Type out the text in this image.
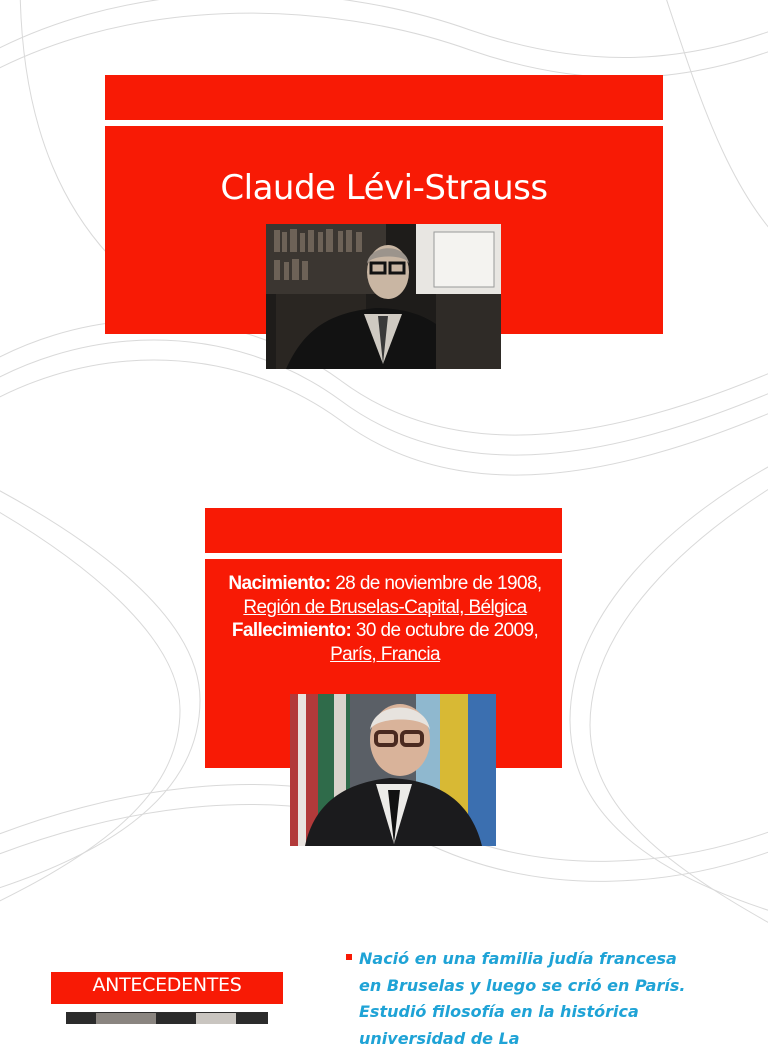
Claude Lévi-Strauss
Nacimiento: 28 de noviembre de 1908, Región de Bruselas-Capital, Bélgica
Fallecimiento: 30 de octubre de 2009, París, Francia
ANTECEDENTES
Nació en una familia judía francesa en Bruselas y luego se crió en París. Estudió filosofía en la histórica universidad de La
